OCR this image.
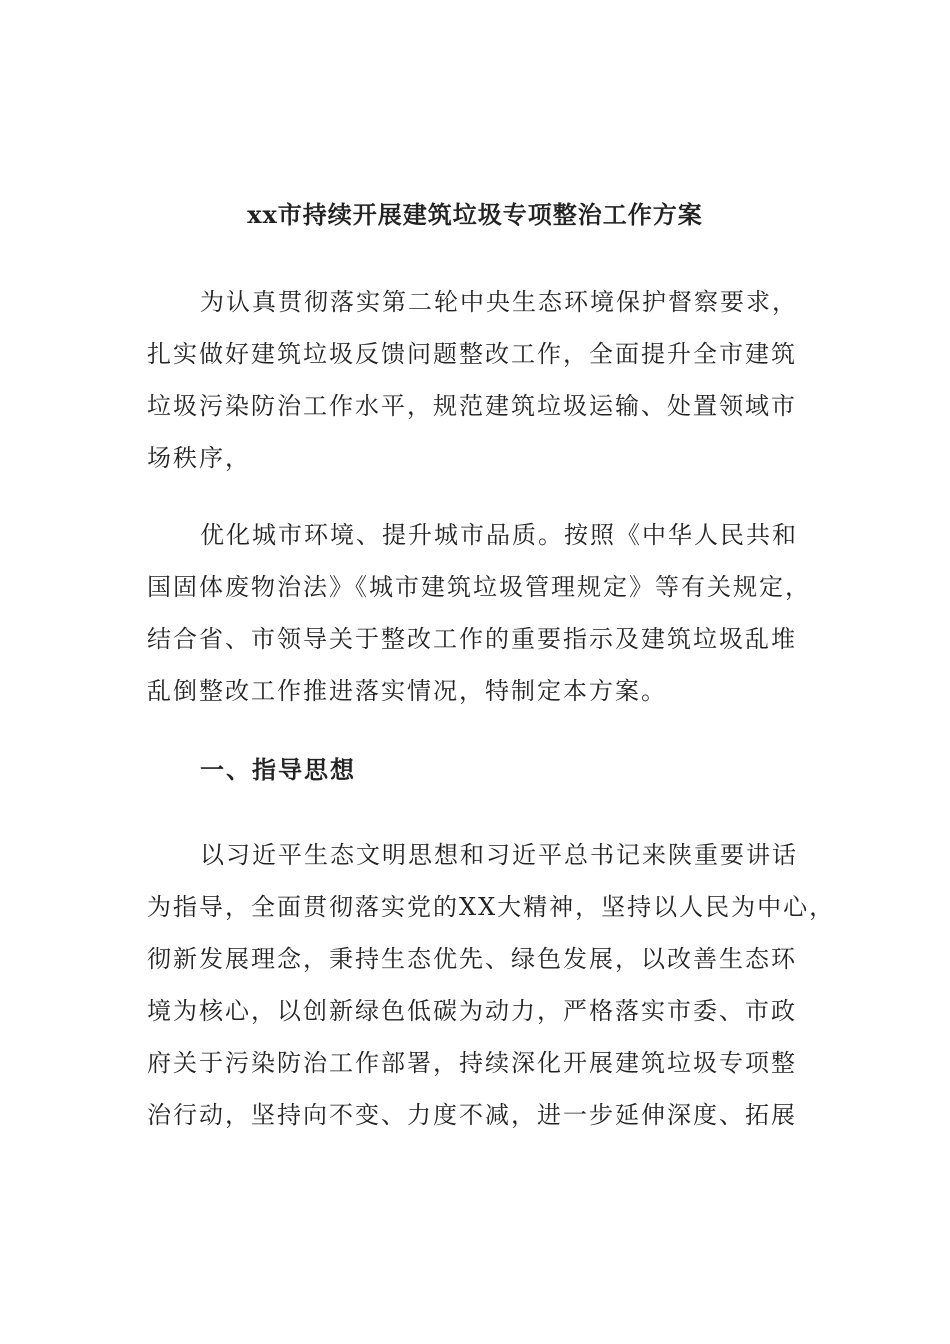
xx市持续开展建筑垃圾专项整治工作方案
为认真贯彻落实第二轮中央生态环境保护督察要求，
扎实做好建筑垃圾反馈问题整改工作，全面提升全市建筑
垃圾污染防治工作水平，规范建筑垃圾运输、处置领域市
场秩序，
优化城市环境、提升城市品质。按照《中华人民共和
国固体废物治法》《城市建筑垃圾管理规定》等有关规定，
结合省、市领导关于整改工作的重要指示及建筑垃圾乱堆
乱倒整改工作推进落实情况，特制定本方案。
一、指导思想
以习近平生态文明思想和习近平总书记来陕重要讲话
为指导，全面贯彻落实党的XX大精神，坚持以人民为中心，
彻新发展理念，秉持生态优先、绿色发展，以改善生态环
境为核心，以创新绿色低碳为动力，严格落实市委、市政
府关于污染防治工作部署，持续深化开展建筑垃圾专项整
治行动，坚持向不变、力度不减，进一步延伸深度、拓展
